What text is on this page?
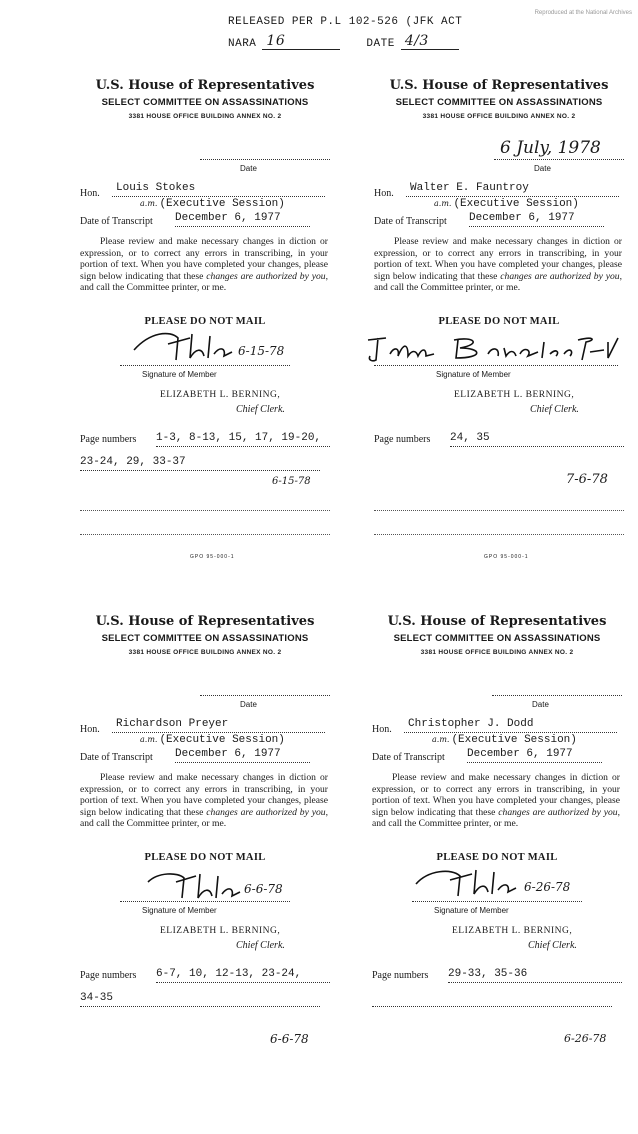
RELEASED PER P.L 102-526 (JFK ACT
NARA 16	DATE 4/3
Reproduced at the National Archives
U.S. House of Representatives
SELECT COMMITTEE ON ASSASSINATIONS
3381 HOUSE OFFICE BUILDING ANNEX NO. 2
Date
Hon.	Louis Stokes
a.m. (Executive Session)
Date of Transcript December 6, 1977
Please review and make necessary changes in diction or expression, or to correct any errors in transcribing, in your portion of text. When you have completed your changes, please sign below indicating that these changes are authorized by you, and call the Committee printer, or me.
PLEASE DO NOT MAIL
6-15-78
Signature of Member
ELIZABETH L. BERNING,
Chief Clerk.
Page numbers 1-3, 8-13, 15, 17, 19-20,
23-24, 29, 33-37
6-15-78
GPO 95-000-1
U.S. House of Representatives
SELECT COMMITTEE ON ASSASSINATIONS
3381 HOUSE OFFICE BUILDING ANNEX NO. 2
6 July, 1978
Date
Hon.	Walter E. Fauntroy
a.m. (Executive Session)
Date of Transcript December 6, 1977
Please review and make necessary changes in diction or expression, or to correct any errors in transcribing, in your portion of text. When you have completed your changes, please sign below indicating that these changes are authorized by you, and call the Committee printer, or me.
PLEASE DO NOT MAIL
Signature of Member
ELIZABETH L. BERNING,
Chief Clerk.
Page numbers 24, 35
7-6-78
GPO 95-000-1
U.S. House of Representatives
SELECT COMMITTEE ON ASSASSINATIONS
3381 HOUSE OFFICE BUILDING ANNEX NO. 2
Date
Hon.	Richardson Preyer
a.m. (Executive Session)
Date of Transcript December 6, 1977
Please review and make necessary changes in diction or expression, or to correct any errors in transcribing, in your portion of text. When you have completed your changes, please sign below indicating that these changes are authorized by you, and call the Committee printer, or me.
PLEASE DO NOT MAIL
6-6-78
Signature of Member
ELIZABETH L. BERNING,
Chief Clerk.
Page numbers 6-7, 10, 12-13, 23-24,
34-35
6-6-78
U.S. House of Representatives
SELECT COMMITTEE ON ASSASSINATIONS
3381 HOUSE OFFICE BUILDING ANNEX NO. 2
Date
Hon.	Christopher J. Dodd
a.m. (Executive Session)
Date of Transcript December 6, 1977
Please review and make necessary changes in diction or expression, or to correct any errors in transcribing, in your portion of text. When you have completed your changes, please sign below indicating that these changes are authorized by you, and call the Committee printer, or me.
PLEASE DO NOT MAIL
6-26-78
Signature of Member
ELIZABETH L. BERNING,
Chief Clerk.
Page numbers 29-33, 35-36
6-26-78
